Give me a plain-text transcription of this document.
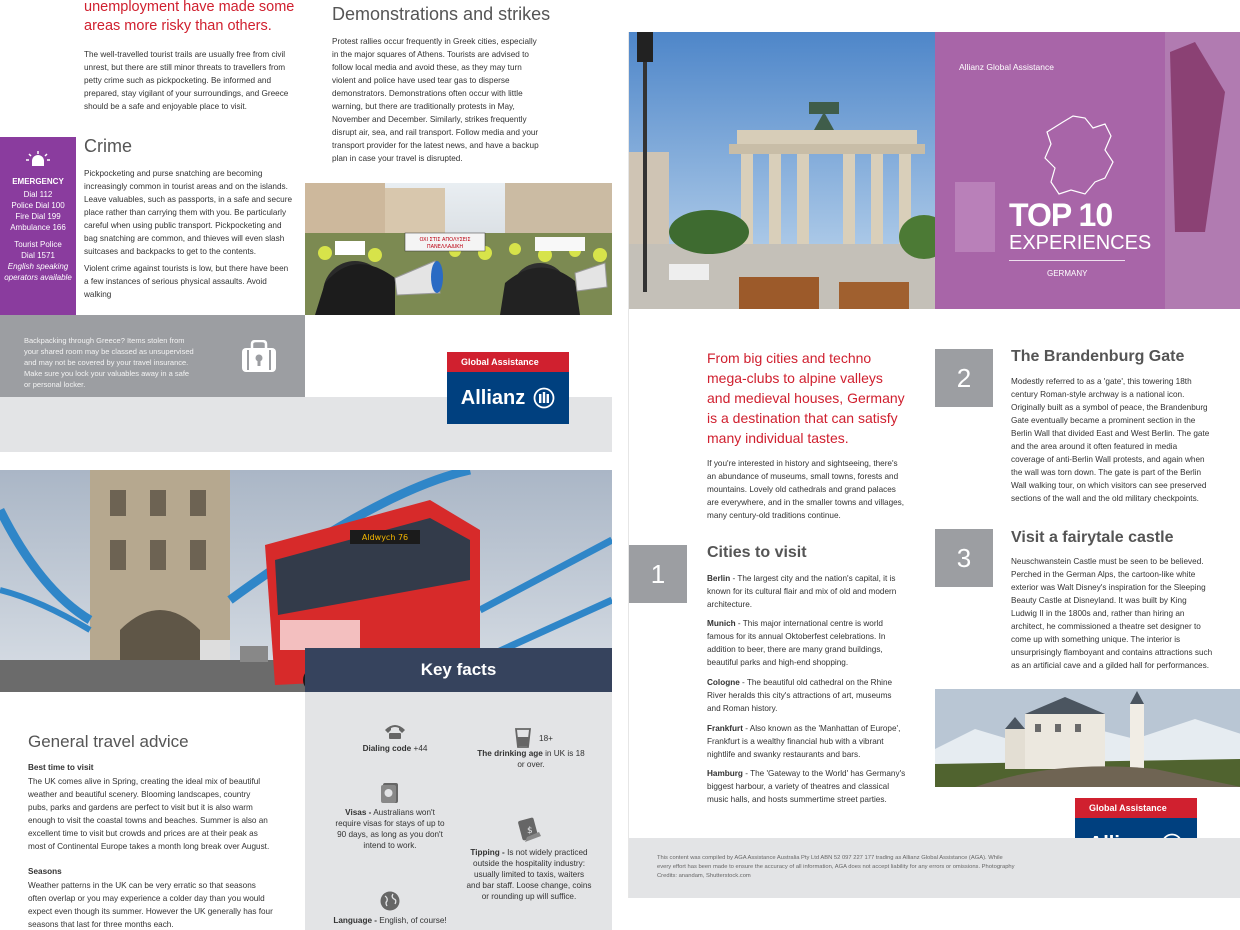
unemployment have made some areas more risky than others.

The well-travelled tourist trails are usually free from civil unrest, but there are still minor threats to travellers from petty crime such as pickpocketing. Be informed and prepared, stay vigilant of your surroundings, and Greece should be a safe and enjoyable place to visit.

Crime

Pickpocketing and purse snatching are becoming increasingly common in tourist areas and on the islands. Leave valuables, such as passports, in a safe and secure place rather than carrying them with you. Be particularly careful when using public transport. Pickpocketing and bag snatching are common, and thieves will even slash suitcases and backpacks to get to the contents.

Violent crime against tourists is low, but there have been a few instances of serious physical assaults. Avoid walking

Demonstrations and strikes

Protest rallies occur frequently in Greek cities, especially in the major squares of Athens. Tourists are advised to follow local media and avoid these, as they may turn violent and police have used tear gas to disperse demonstrators. Demonstrations often occur with little warning, but there are traditionally protests in May, November and December. Similarly, strikes frequently disrupt air, sea, and rail transport. Follow media and your transport provider for the latest news, and have a backup plan in case your travel is disrupted.

EMERGENCY
Dial 112
Police Dial 100
Fire Dial 199
Ambulance 166
Tourist Police
Dial 1571
English speaking operators available
OXI ΣΤΙΣ ΑΠΟΛΥΣΕΙΣ
ΠΑΝΕΛΛΑΔΙΚΗ
Backpacking through Greece? Items stolen from your shared room may be classed as unsupervised and may not be covered by your travel insurance. Make sure you lock your valuables away in a safe or personal locker.
Global Assistance
Allianz
Aldwych 76
Key facts
General travel advice
Best time to visit

The UK comes alive in Spring, creating the ideal mix of beautiful weather and beautiful scenery. Blooming landscapes, country pubs, parks and gardens are perfect to visit but it is also warm enough to visit the coastal towns and beaches. Summer is also an excellent time to visit but crowds and prices are at their peak as most of Continental Europe takes a month long break over August.

Seasons

Weather patterns in the UK can be very erratic so that seasons often overlap or you may experience a colder day than you would expect even though its summer. However the UK generally has four seasons that last for three months each.

Dialing code +44
18+
The drinking age in UK is 18 or over.

Visas - Australians won't require visas for stays of up to 90 days, as long as you don't intend to work.
$

Tipping - Is not widely practiced outside the hospitality industry: usually limited to taxis, waiters and bar staff. Loose change, coins or rounding up will suffice.

Language - English, of course!
Allianz Global Assistance
TOP 10
EXPERIENCES
GERMANY

From big cities and techno mega-clubs to alpine valleys and medieval houses, Germany is a destination that can satisfy many individual tastes.

If you're interested in history and sightseeing, there's an abundance of museums, small towns, forests and mountains. Lovely old cathedrals and grand palaces are everywhere, and in the smaller towns and villages, many century-old traditions continue.

1
Cities to visit

Berlin - The largest city and the nation's capital, it is known for its cultural flair and mix of old and modern architecture.

Munich - This major international centre is world famous for its annual Oktoberfest celebrations. In addition to beer, there are many grand buildings, beautiful parks and high-end shopping.

Cologne - The beautiful old cathedral on the Rhine River heralds this city's attractions of art, museums and Roman history.

Frankfurt - Also known as the 'Manhattan of Europe', Frankfurt is a wealthy financial hub with a vibrant nightlife and swanky restaurants and bars.

Hamburg - The 'Gateway to the World' has Germany's biggest harbour, a variety of theatres and classical music halls, and hosts summertime street parties.

2
The Brandenburg Gate

Modestly referred to as a 'gate', this towering 18th century Roman-style archway is a national icon. Originally built as a symbol of peace, the Brandenburg Gate eventually became a prominent section in the Berlin Wall that divided East and West Berlin. The gate and the area around it often featured in media coverage of anti-Berlin Wall protests, and again when the wall was torn down. The gate is part of the Berlin Wall walking tour, on which visitors can see preserved sections of the wall and the old military checkpoints.

3
Visit a fairytale castle

Neuschwanstein Castle must be seen to be believed. Perched in the German Alps, the cartoon-like white exterior was Walt Disney's inspiration for the Sleeping Beauty Castle at Disneyland. It was built by King Ludwig II in the 1800s and, rather than hiring an architect, he commissioned a theatre set designer to come up with something unique. The interior is unsurprisingly flamboyant and contains attractions such as an artificial cave and a gilded hall for performances.

Global Assistance

This content was compiled by AGA Assistance Australia Pty Ltd ABN 52 097 227 177 trading as Allianz Global Assistance (AGA). While every effort has been made to ensure the accuracy of all information, AGA does not accept liability for any errors or omissions. Photography Credits: anandam, Shutterstock.com
